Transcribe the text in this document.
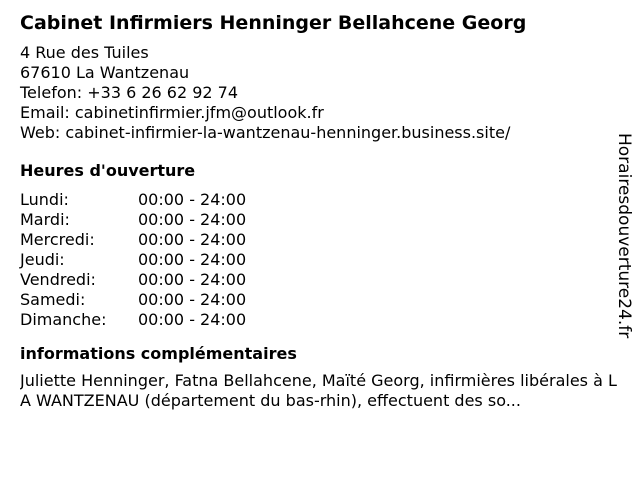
Cabinet Infirmiers Henninger Bellahcene Georg
4 Rue des Tuiles
67610 La Wantzenau
Telefon: +33 6 26 62 92 74
Email: cabinetinfirmier.jfm@outlook.fr
Web: cabinet-infirmier-la-wantzenau-henninger.business.site/
Heures d'ouverture
Lundi:	00:00 - 24:00
Mardi:	00:00 - 24:00
Mercredi:	00:00 - 24:00
Jeudi:	00:00 - 24:00
Vendredi:	00:00 - 24:00
Samedi:	00:00 - 24:00
Dimanche:	00:00 - 24:00
informations complémentaires
Juliette Henninger, Fatna Bellahcene, Maïté Georg, infirmières libérales à LA WANTZENAU (département du bas-rhin), effectuent des so...
Horairesdouverture24.fr
